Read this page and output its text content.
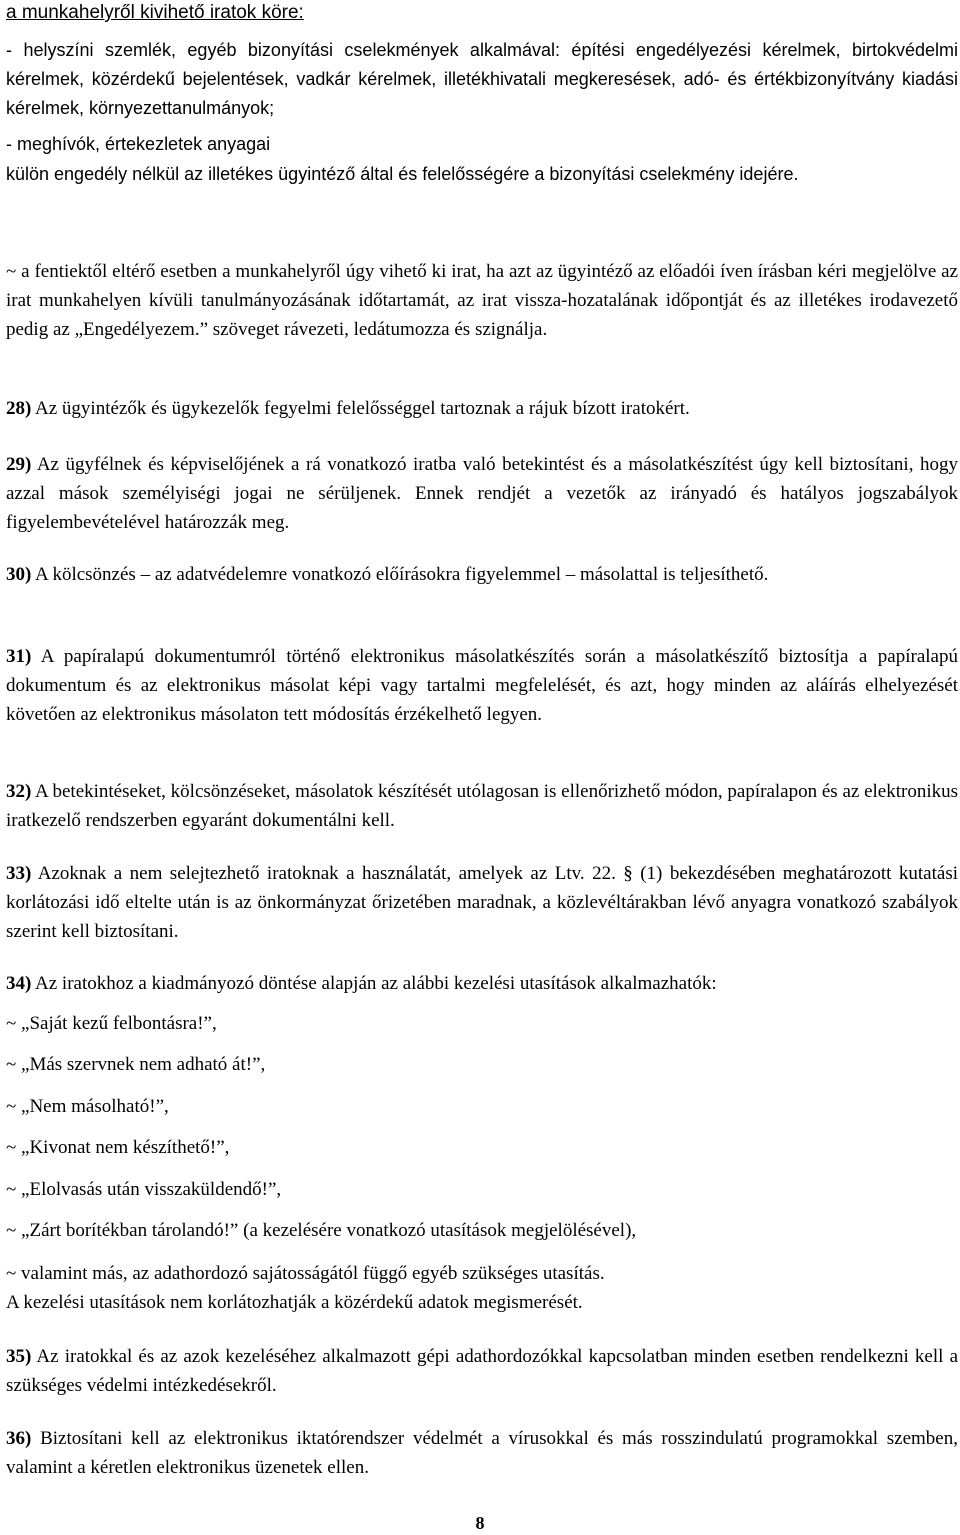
a munkahelyről kivihető iratok köre:
- helyszíni szemlék, egyéb bizonyítási cselekmények alkalmával: építési engedélyezési kérelmek, birtokvédelmi kérelmek, közérdekű bejelentések, vadkár kérelmek, illetékhivatali megkeresések, adó- és értékbizonyítvány kiadási kérelmek, környezettanulmányok;
- meghívók, értekezletek anyagai
külön engedély nélkül az illetékes ügyintéző által és felelősségére a bizonyítási cselekmény idejére.

~ a fentiektől eltérő esetben a munkahelyről úgy vihető ki irat, ha azt az ügyintéző az előadói íven írásban kéri megjelölve az irat munkahelyen kívüli tanulmányozásának időtartamát, az irat vissza-hozatalának időpontját és az illetékes irodavezető pedig az „Engedélyezem.” szöveget rávezeti, ledátumozza és szignálja.

28) Az ügyintézők és ügykezelők fegyelmi felelősséggel tartoznak a rájuk bízott iratokért.

29) Az ügyfélnek és képviselőjének a rá vonatkozó iratba való betekintést és a másolatkészítést úgy kell biztosítani, hogy azzal mások személyiségi jogai ne sérüljenek. Ennek rendjét a vezetők az irányadó és hatályos jogszabályok figyelembevételével határozzák meg.

30) A kölcsönzés – az adatvédelemre vonatkozó előírásokra figyelemmel – másolattal is teljesíthető.

31) A papíralapú dokumentumról történő elektronikus másolatkészítés során a másolatkészítő biztosítja a papíralapú dokumentum és az elektronikus másolat képi vagy tartalmi megfelelését, és azt, hogy minden az aláírás elhelyezését követően az elektronikus másolaton tett módosítás érzékelhető legyen.

32) A betekintéseket, kölcsönzéseket, másolatok készítését utólagosan is ellenőrizhető módon, papíralapon és az elektronikus iratkezelő rendszerben egyaránt dokumentálni kell.

33) Azoknak a nem selejtezhető iratoknak a használatát, amelyek az Ltv. 22. § (1) bekezdésében meghatározott kutatási korlátozási idő eltelte után is az önkormányzat őrizetében maradnak, a közlevéltárakban lévő anyagra vonatkozó szabályok szerint kell biztosítani.

34) Az iratokhoz a kiadmányozó döntése alapján az alábbi kezelési utasítások alkalmazhatók:

~ „Saját kezű felbontásra!”,

~ „Más szervnek nem adható át!”,

~ „Nem másolható!”,

~ „Kivonat nem készíthető!”,

~ „Elolvasás után visszaküldendő!”,

~ „Zárt borítékban tárolandó!” (a kezelésére vonatkozó utasítások megjelölésével),

~ valamint más, az adathordozó sajátosságától függő egyéb szükséges utasítás.

A kezelési utasítások nem korlátozhatják a közérdekű adatok megismerését.

35) Az iratokkal és az azok kezeléséhez alkalmazott gépi adathordozókkal kapcsolatban minden esetben rendelkezni kell a szükséges védelmi intézkedésekről.

36) Biztosítani kell az elektronikus iktatórendszer védelmét a vírusokkal és más rosszindulatú programokkal szemben, valamint a kéretlen elektronikus üzenetek ellen.

8
